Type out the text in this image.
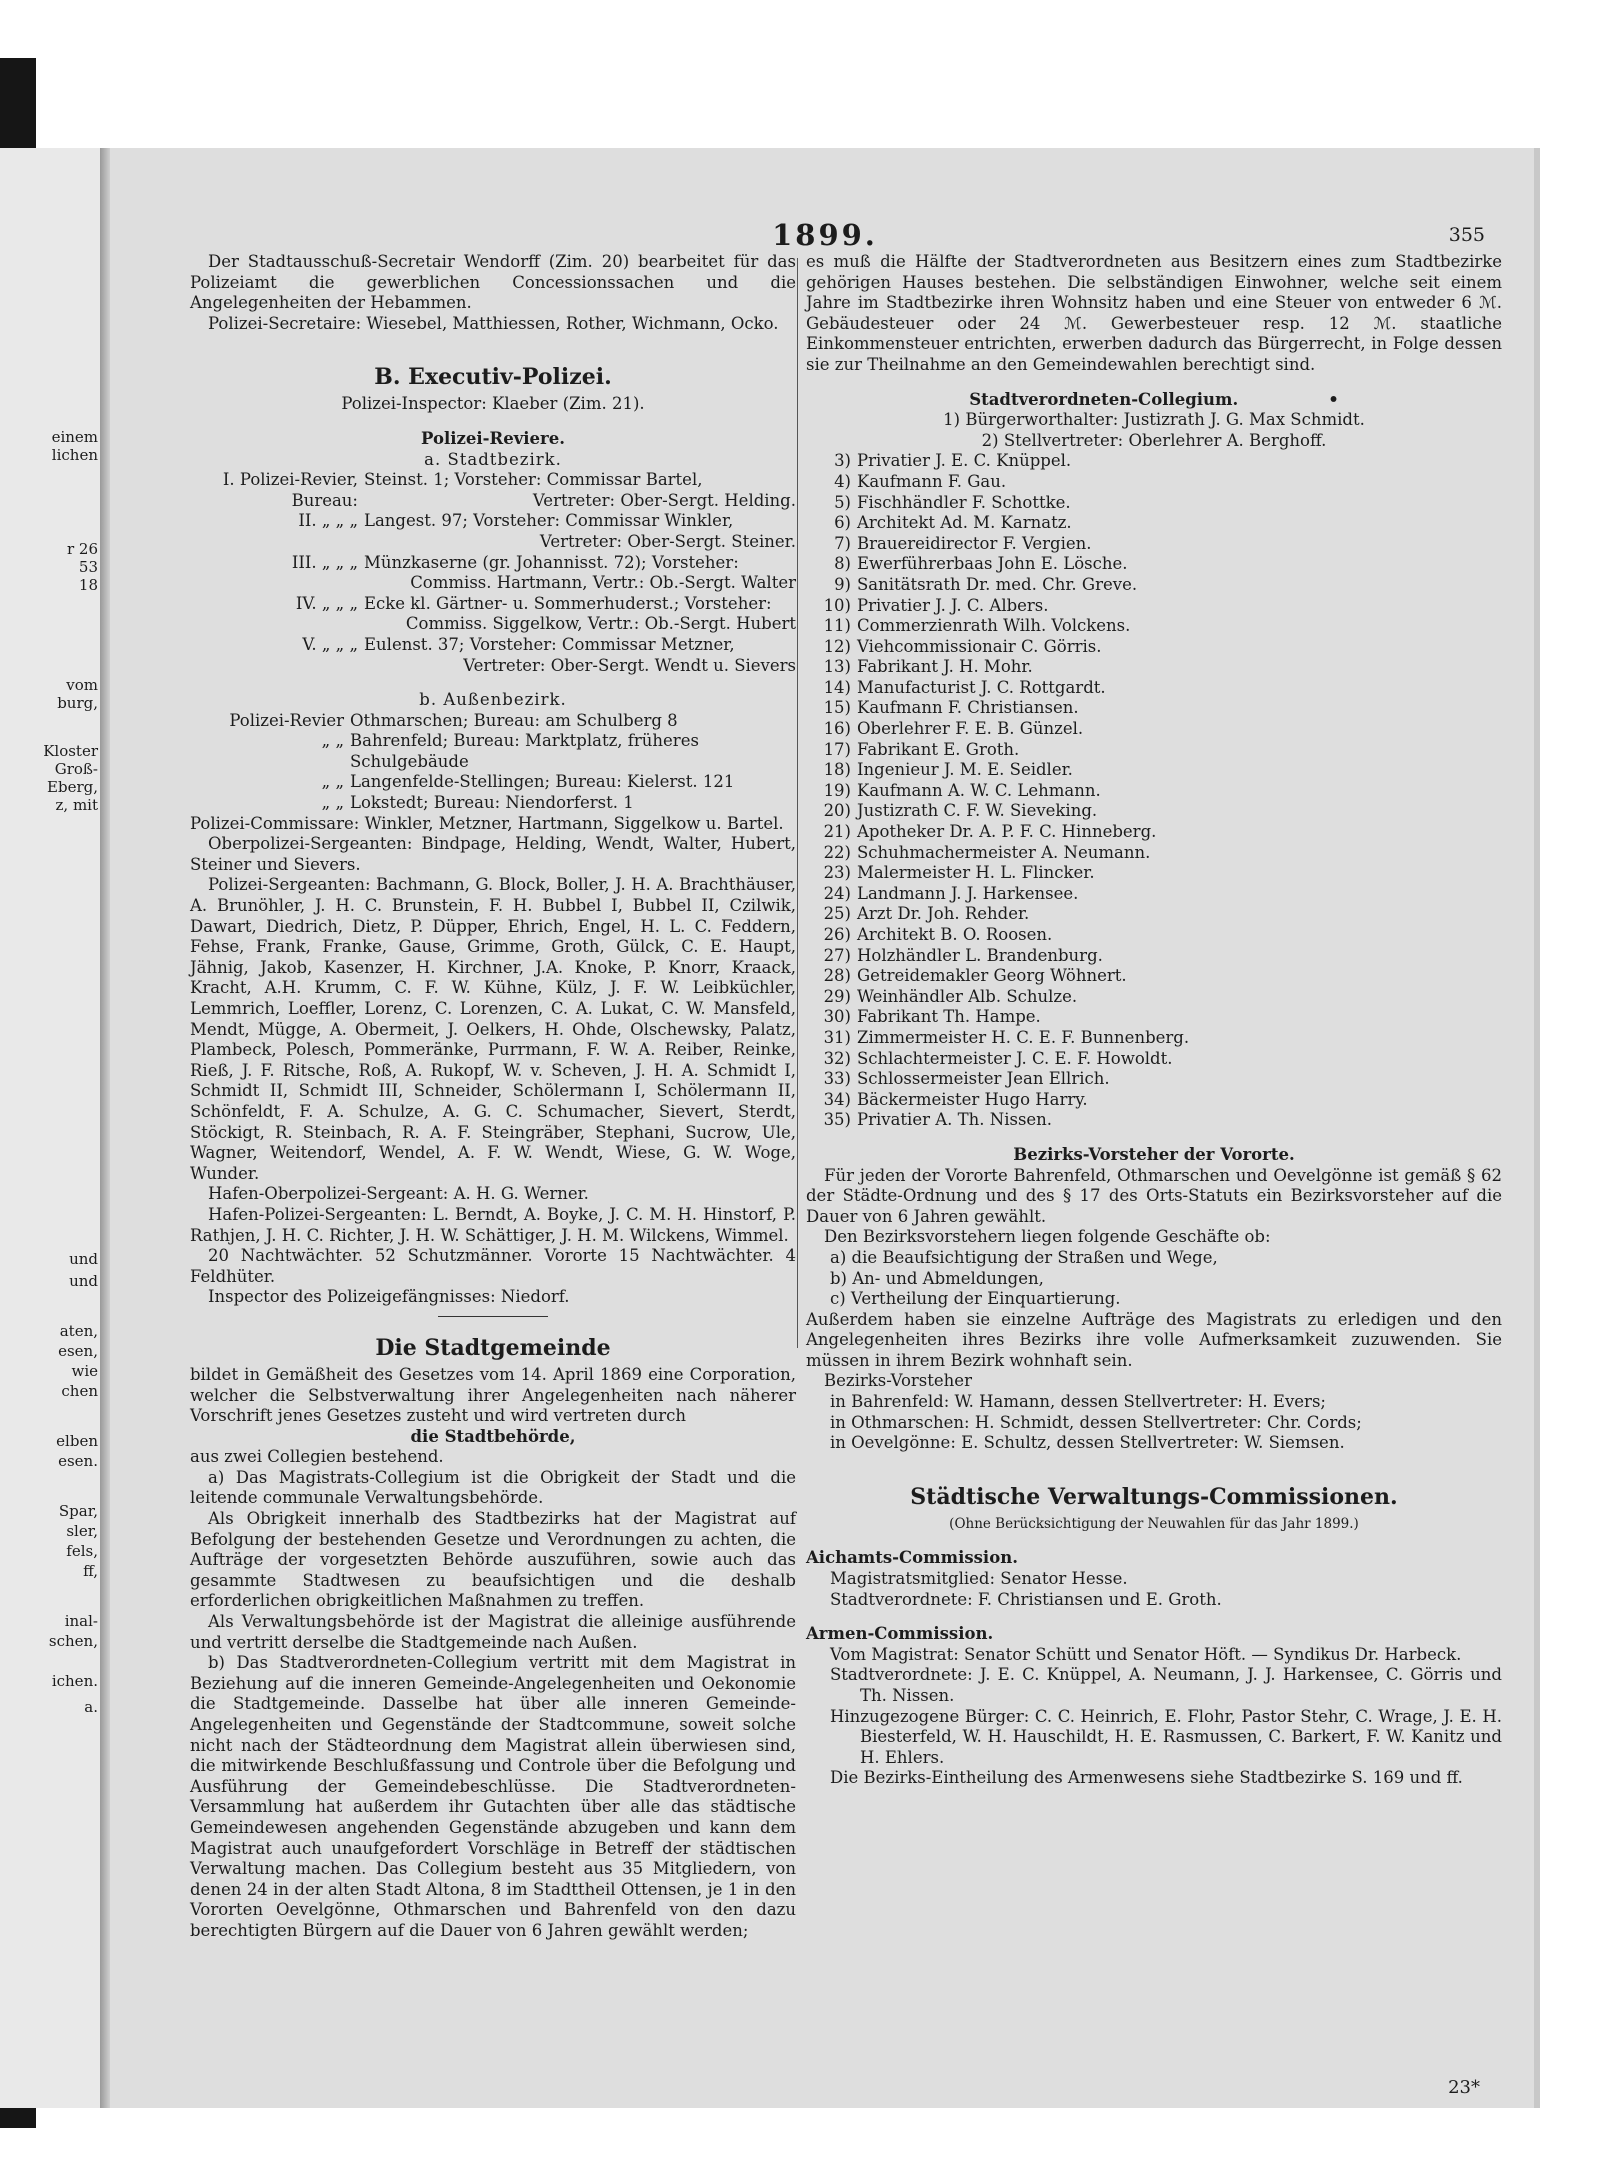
einem
lichen
r 26
53
18
vom
burg,
Kloster
Groß-
Eberg,
z, mit
und
und
aten,
esen,
wie
chen
elben
esen.
Spar,
sler,
fels,
ff,
inal-
schen,
ichen.
a.
1899.	355

Der Stadtausschuß-Secretair Wendorff (Zim. 20) bearbeitet für das Polizeiamt die gewerblichen Concessionssachen und die Angelegenheiten der Hebammen.

Polizei-Secretaire: Wiesebel, Matthiessen, Rother, Wichmann, Ocko.

B. Executiv-Polizei.

Polizei-Inspector: Klaeber (Zim. 21).

Polizei-Reviere.

a. Stadtbezirk.

I. Polizei-Revier, Bureau:
Steinst. 1; Vorsteher: Commissar Bartel,
Vertreter: Ober-Sergt. Helding.
II. „ „ „ Langest. 97; Vorsteher: Commissar Winkler,
Vertreter: Ober-Sergt. Steiner.
III. „ „ „ Münzkaserne (gr. Johannisst. 72); Vorsteher:
Commiss. Hartmann, Vertr.: Ob.-Sergt. Walter
IV. „ „ „ Ecke kl. Gärtner- u. Sommerhuderst.; Vorsteher:
Commiss. Siggelkow, Vertr.: Ob.-Sergt. Hubert
V. „ „ „ Eulenst. 37; Vorsteher: Commissar Metzner,
Vertreter: Ober-Sergt. Wendt u. Sievers

b. Außenbezirk.

Polizei-Revier Othmarschen; Bureau: am Schulberg 8
„ „ Bahrenfeld; Bureau: Marktplatz, früheres Schulgebäude
„ „ Langenfelde-Stellingen; Bureau: Kielerst. 121
„ „ Lokstedt; Bureau: Niendorferst. 1

Polizei-Commissare: Winkler, Metzner, Hartmann, Siggelkow u. Bartel.

Oberpolizei-Sergeanten: Bindpage, Helding, Wendt, Walter, Hubert, Steiner und Sievers.

Polizei-Sergeanten: Bachmann, G. Block, Boller, J. H. A. Brachthäuser, A. Brunöhler, J. H. C. Brunstein, F. H. Bubbel I, Bubbel II, Czilwik, Dawart, Diedrich, Dietz, P. Düpper, Ehrich, Engel, H. L. C. Feddern, Fehse, Frank, Franke, Gause, Grimme, Groth, Gülck, C. E. Haupt, Jähnig, Jakob, Kasenzer, H. Kirchner, J.A. Knoke, P. Knorr, Kraack, Kracht, A.H. Krumm, C. F. W. Kühne, Külz, J. F. W. Leibküchler, Lemmrich, Loeffler, Lorenz, C. Lorenzen, C. A. Lukat, C. W. Mansfeld, Mendt, Mügge, A. Obermeit, J. Oelkers, H. Ohde, Olschewsky, Palatz, Plambeck, Polesch, Pommeränke, Purrmann, F. W. A. Reiber, Reinke, Rieß, J. F. Ritsche, Roß, A. Rukopf, W. v. Scheven, J. H. A. Schmidt I, Schmidt II, Schmidt III, Schneider, Schölermann I, Schölermann II, Schönfeldt, F. A. Schulze, A. G. C. Schumacher, Sievert, Sterdt, Stöckigt, R. Steinbach, R. A. F. Steingräber, Stephani, Sucrow, Ule, Wagner, Weitendorf, Wendel, A. F. W. Wendt, Wiese, G. W. Woge, Wunder.

Hafen-Oberpolizei-Sergeant: A. H. G. Werner.

Hafen-Polizei-Sergeanten: L. Berndt, A. Boyke, J. C. M. H. Hinstorf, P. Rathjen, J. H. C. Richter, J. H. W. Schättiger, J. H. M. Wilckens, Wimmel.

20 Nachtwächter. 52 Schutzmänner. Vororte 15 Nachtwächter. 4 Feldhüter.

Inspector des Polizeigefängnisses: Niedorf.

Die Stadtgemeinde

bildet in Gemäßheit des Gesetzes vom 14. April 1869 eine Corporation, welcher die Selbstverwaltung ihrer Angelegenheiten nach näherer Vorschrift jenes Gesetzes zusteht und wird vertreten durch

die Stadtbehörde,

aus zwei Collegien bestehend.

a) Das Magistrats-Collegium ist die Obrigkeit der Stadt und die leitende communale Verwaltungsbehörde.

Als Obrigkeit innerhalb des Stadtbezirks hat der Magistrat auf Befolgung der bestehenden Gesetze und Verordnungen zu achten, die Aufträge der vorgesetzten Behörde auszuführen, sowie auch das gesammte Stadtwesen zu beaufsichtigen und die deshalb erforderlichen obrigkeitlichen Maßnahmen zu treffen.

Als Verwaltungsbehörde ist der Magistrat die alleinige ausführende und vertritt derselbe die Stadtgemeinde nach Außen.

b) Das Stadtverordneten-Collegium vertritt mit dem Magistrat in Beziehung auf die inneren Gemeinde-Angelegenheiten und Oekonomie die Stadtgemeinde. Dasselbe hat über alle inneren Gemeinde-Angelegenheiten und Gegenstände der Stadtcommune, soweit solche nicht nach der Städteordnung dem Magistrat allein überwiesen sind, die mitwirkende Beschlußfassung und Controle über die Befolgung und Ausführung der Gemeindebeschlüsse. Die Stadtverordneten-Versammlung hat außerdem ihr Gutachten über alle das städtische Gemeindewesen angehenden Gegenstände abzugeben und kann dem Magistrat auch unaufgefordert Vorschläge in Betreff der städtischen Verwaltung machen. Das Collegium besteht aus 35 Mitgliedern, von denen 24 in der alten Stadt Altona, 8 im Stadttheil Ottensen, je 1 in den Vororten Oevelgönne, Othmarschen und Bahrenfeld von den dazu berechtigten Bürgern auf die Dauer von 6 Jahren gewählt werden;

es muß die Hälfte der Stadtverordneten aus Besitzern eines zum Stadtbezirke gehörigen Hauses bestehen. Die selbständigen Einwohner, welche seit einem Jahre im Stadtbezirke ihren Wohnsitz haben und eine Steuer von entweder 6 ℳ. Gebäudesteuer oder 24 ℳ. Gewerbesteuer resp. 12 ℳ. staatliche Einkommensteuer entrichten, erwerben dadurch das Bürgerrecht, in Folge dessen sie zur Theilnahme an den Gemeindewahlen berechtigt sind.

Stadtverordneten-Collegium.	•

1) Bürgerworthalter: Justizrath J. G. Max Schmidt.

2) Stellvertreter: Oberlehrer A. Berghoff.

3) Privatier J. E. C. Knüppel.
4) Kaufmann F. Gau.
5) Fischhändler F. Schottke.
6) Architekt Ad. M. Karnatz.
7) Brauereidirector F. Vergien.
8) Ewerführerbaas John E. Lösche.
9) Sanitätsrath Dr. med. Chr. Greve.
10) Privatier J. J. C. Albers.
11) Commerzienrath Wilh. Volckens.
12) Viehcommissionair C. Görris.
13) Fabrikant J. H. Mohr.
14) Manufacturist J. C. Rottgardt.
15) Kaufmann F. Christiansen.
16) Oberlehrer F. E. B. Günzel.
17) Fabrikant E. Groth.
18) Ingenieur J. M. E. Seidler.
19) Kaufmann A. W. C. Lehmann.
20) Justizrath C. F. W. Sieveking.
21) Apotheker Dr. A. P. F. C. Hinneberg.
22) Schuhmachermeister A. Neumann.
23) Malermeister H. L. Flincker.
24) Landmann J. J. Harkensee.
25) Arzt Dr. Joh. Rehder.
26) Architekt B. O. Roosen.
27) Holzhändler L. Brandenburg.
28) Getreidemakler Georg Wöhnert.
29) Weinhändler Alb. Schulze.
30) Fabrikant Th. Hampe.
31) Zimmermeister H. C. E. F. Bunnenberg.
32) Schlachtermeister J. C. E. F. Howoldt.
33) Schlossermeister Jean Ellrich.
34) Bäckermeister Hugo Harry.
35) Privatier A. Th. Nissen.

Bezirks-Vorsteher der Vororte.

Für jeden der Vororte Bahrenfeld, Othmarschen und Oevelgönne ist gemäß § 62 der Städte-Ordnung und des § 17 des Orts-Statuts ein Bezirksvorsteher auf die Dauer von 6 Jahren gewählt.

Den Bezirksvorstehern liegen folgende Geschäfte ob:

a) die Beaufsichtigung der Straßen und Wege,

b) An- und Abmeldungen,

c) Vertheilung der Einquartierung.

Außerdem haben sie einzelne Aufträge des Magistrats zu erledigen und den Angelegenheiten ihres Bezirks ihre volle Aufmerksamkeit zuzuwenden. Sie müssen in ihrem Bezirk wohnhaft sein.

Bezirks-Vorsteher

in Bahrenfeld: W. Hamann, dessen Stellvertreter: H. Evers;

in Othmarschen: H. Schmidt, dessen Stellvertreter: Chr. Cords;

in Oevelgönne: E. Schultz, dessen Stellvertreter: W. Siemsen.

Städtische Verwaltungs-Commissionen.

(Ohne Berücksichtigung der Neuwahlen für das Jahr 1899.)

Aichamts-Commission.

Magistratsmitglied: Senator Hesse.

Stadtverordnete: F. Christiansen und E. Groth.

Armen-Commission.

Vom Magistrat: Senator Schütt und Senator Höft. — Syndikus Dr. Harbeck.

Stadtverordnete: J. E. C. Knüppel, A. Neumann, J. J. Harkensee, C. Görris und Th. Nissen.

Hinzugezogene Bürger: C. C. Heinrich, E. Flohr, Pastor Stehr, C. Wrage, J. E. H. Biesterfeld, W. H. Hauschildt, H. E. Rasmussen, C. Barkert, F. W. Kanitz und H. Ehlers.

Die Bezirks-Eintheilung des Armenwesens siehe Stadtbezirke S. 169 und ff.

23*
